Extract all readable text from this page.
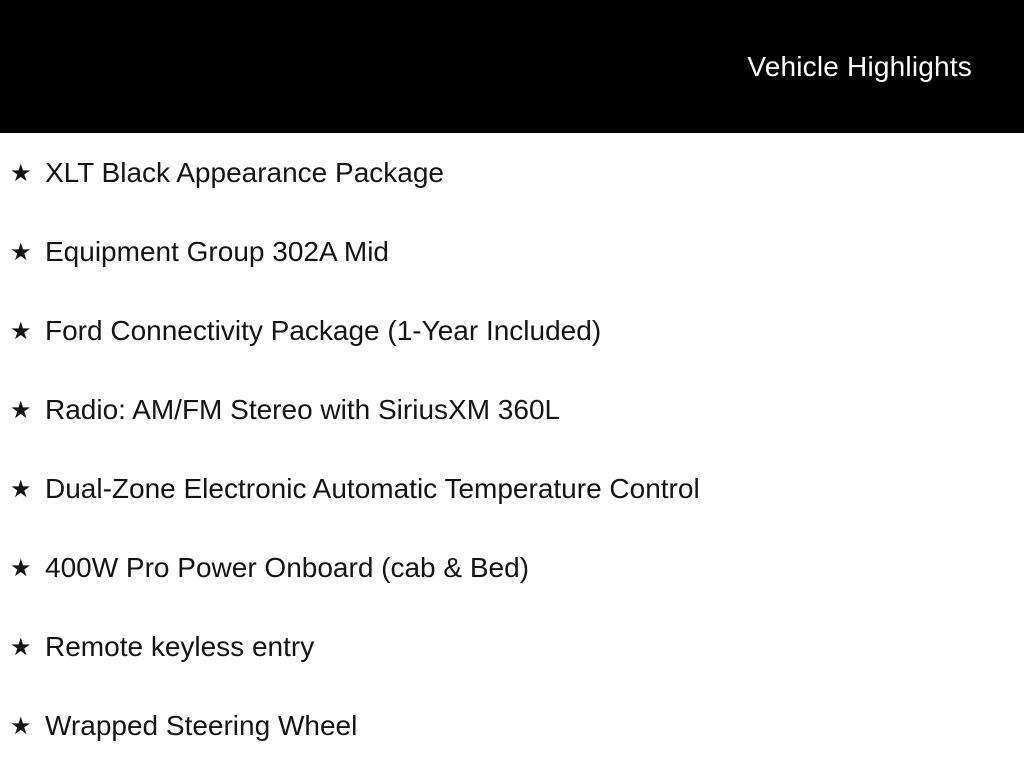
Vehicle Highlights
★ XLT Black Appearance Package
★ Equipment Group 302A Mid
★ Ford Connectivity Package (1-Year Included)
★ Radio: AM/FM Stereo with SiriusXM 360L
★ Dual-Zone Electronic Automatic Temperature Control
★ 400W Pro Power Onboard (cab & Bed)
★ Remote keyless entry
★ Wrapped Steering Wheel
